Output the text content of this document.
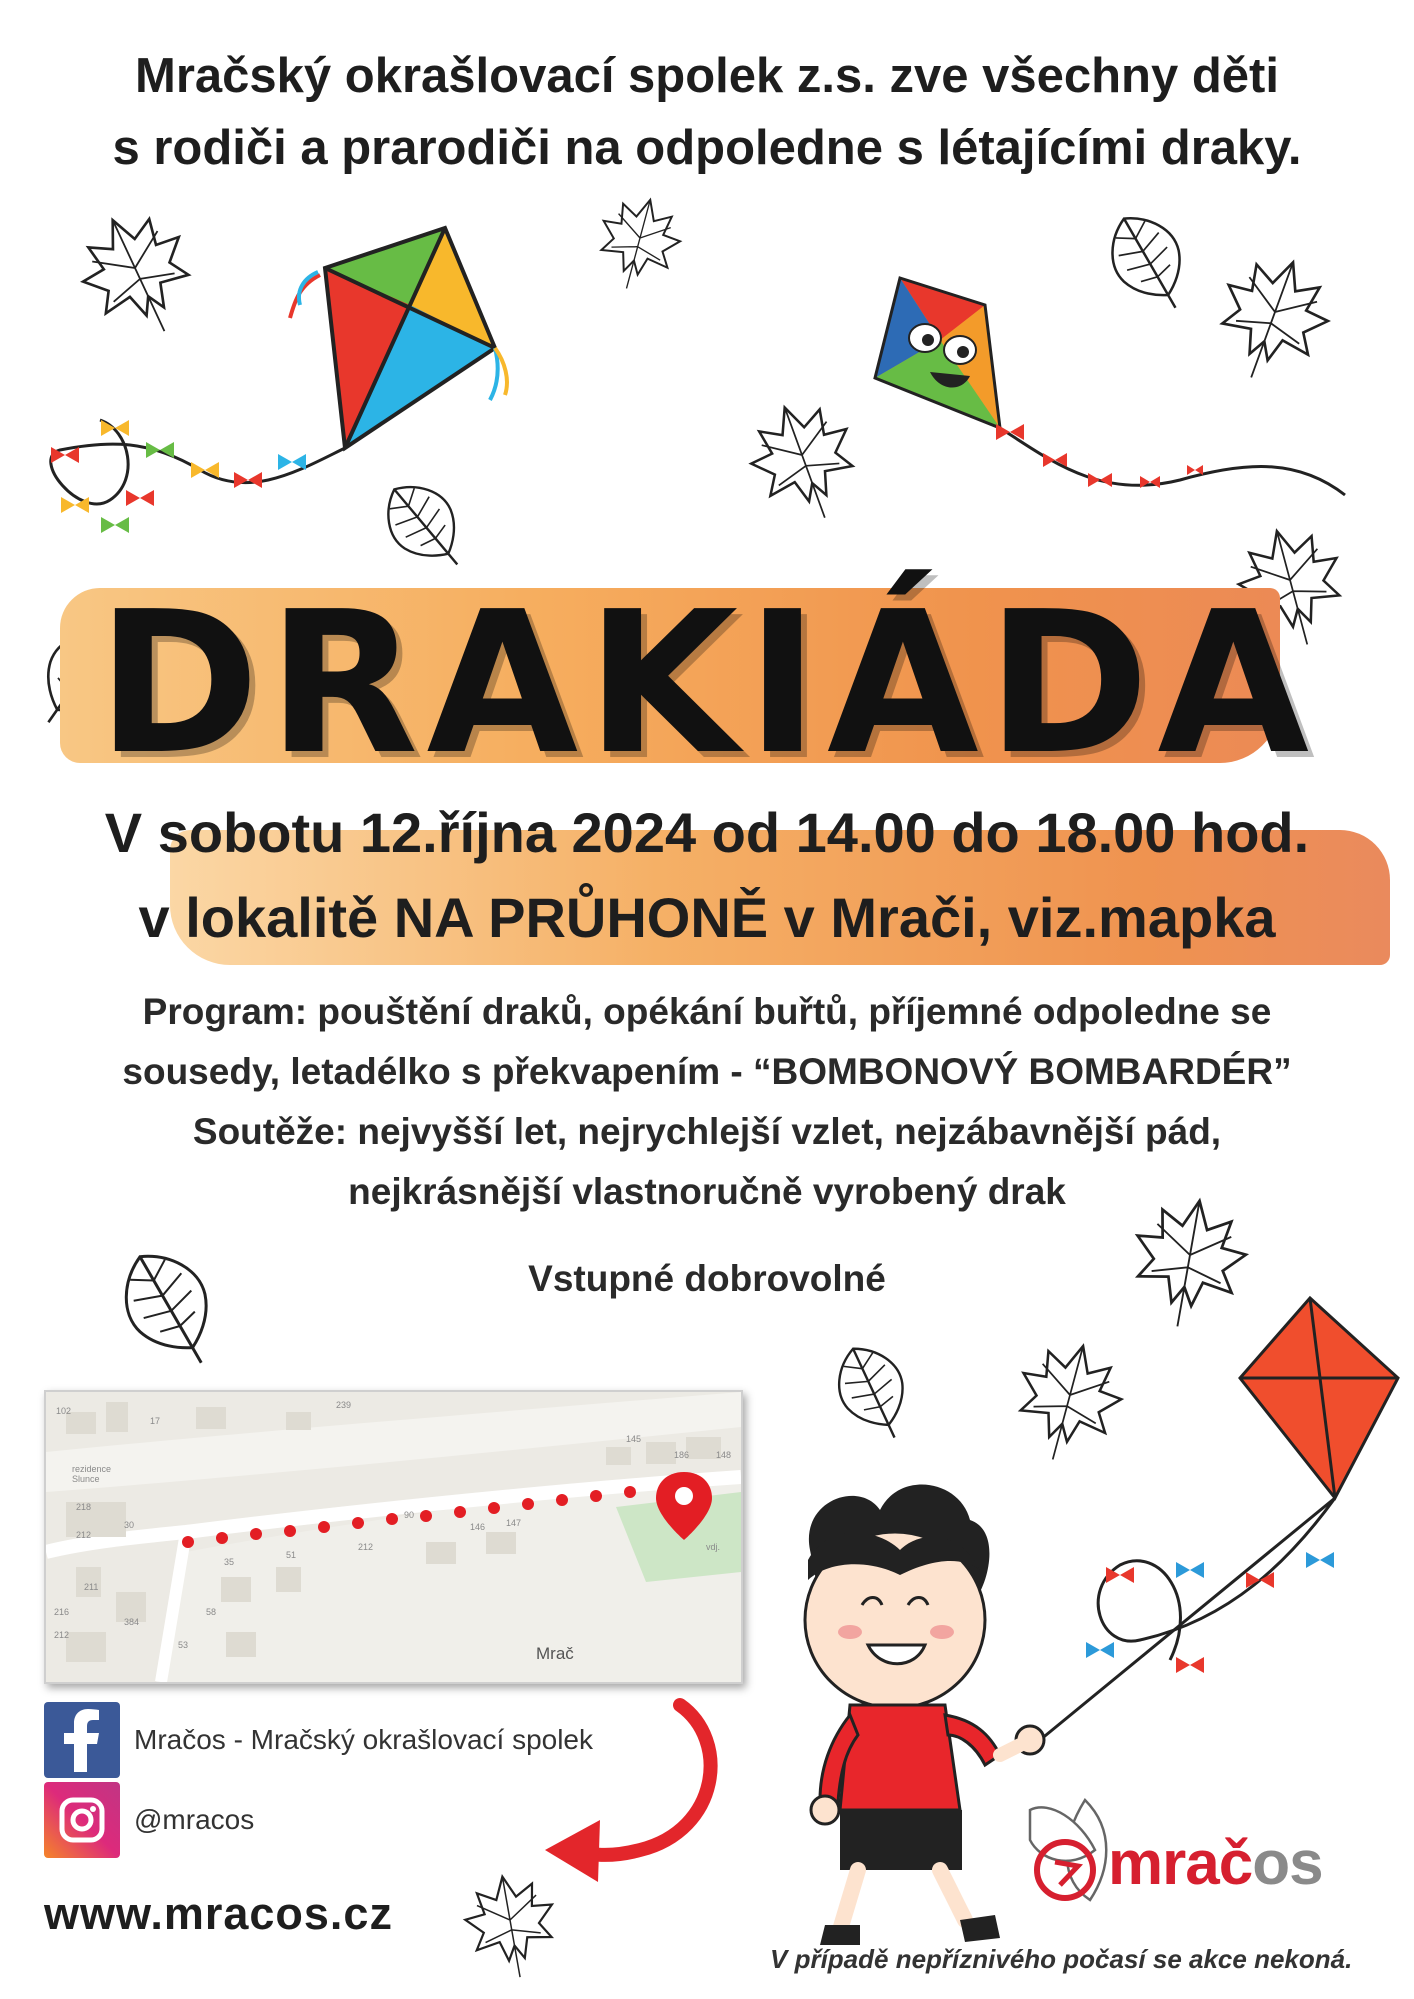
Mračský okrašlovací spolek z.s. zve všechny děti
s rodiči a prarodiči na odpoledne s létajícími draky.
DRAKIÁDA
V sobotu 12.října 2024 od 14.00 do 18.00 hod.
v lokalitě NA PRŮHONĚ v Mrači, viz.mapka
Program: pouštění draků, opékání buřtů, příjemné odpoledne se
sousedy, letadélko s překvapením - “BOMBONOVÝ BOMBARDÉR”
Soutěže: nejvyšší let, nejrychlejší vzlet, nejzábavnější pád,
nejkrásnější vlastnoručně vyrobený drak
Vstupné dobrovolné
rezidence Slunce
102
17
239
145
186	148
218
212
30
35
51
212
90
146 147
211
216
384
212
53
58
vdj.
Mrač
Mračos - Mračský okrašlovací spolek
@mracos
www.mracos.cz
mračos
V případě nepříznivého počasí se akce nekoná.
